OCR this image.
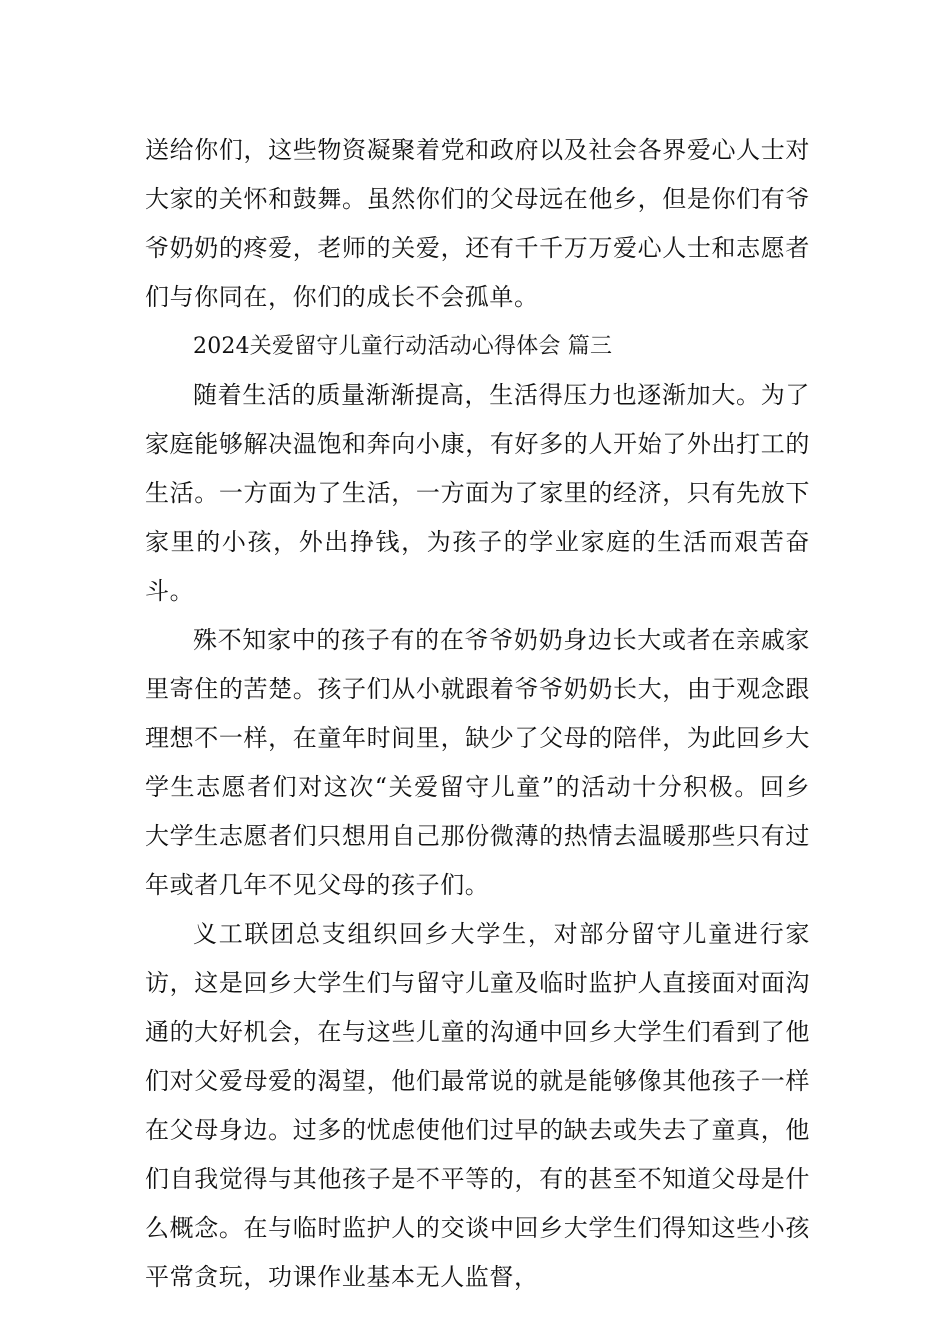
送给你们，这些物资凝聚着党和政府以及社会各界爱心人士对大家的关怀和鼓舞。虽然你们的父母远在他乡，但是你们有爷爷奶奶的疼爱，老师的关爱，还有千千万万爱心人士和志愿者们与你同在，你们的成长不会孤单。

2024关爱留守儿童行动活动心得体会 篇三

随着生活的质量渐渐提高，生活得压力也逐渐加大。为了家庭能够解决温饱和奔向小康，有好多的人开始了外出打工的生活。一方面为了生活，一方面为了家里的经济，只有先放下家里的小孩，外出挣钱，为孩子的学业家庭的生活而艰苦奋斗。

殊不知家中的孩子有的在爷爷奶奶身边长大或者在亲戚家里寄住的苦楚。孩子们从小就跟着爷爷奶奶长大，由于观念跟理想不一样，在童年时间里，缺少了父母的陪伴，为此回乡大学生志愿者们对这次“关爱留守儿童”的活动十分积极。回乡大学生志愿者们只想用自己那份微薄的热情去温暖那些只有过年或者几年不见父母的孩子们。

义工联团总支组织回乡大学生，对部分留守儿童进行家访，这是回乡大学生们与留守儿童及临时监护人直接面对面沟通的大好机会，在与这些儿童的沟通中回乡大学生们看到了他们对父爱母爱的渴望，他们最常说的就是能够像其他孩子一样在父母身边。过多的忧虑使他们过早的缺去或失去了童真，他们自我觉得与其他孩子是不平等的，有的甚至不知道父母是什么概念。在与临时监护人的交谈中回乡大学生们得知这些小孩平常贪玩，功课作业基本无人监督，
